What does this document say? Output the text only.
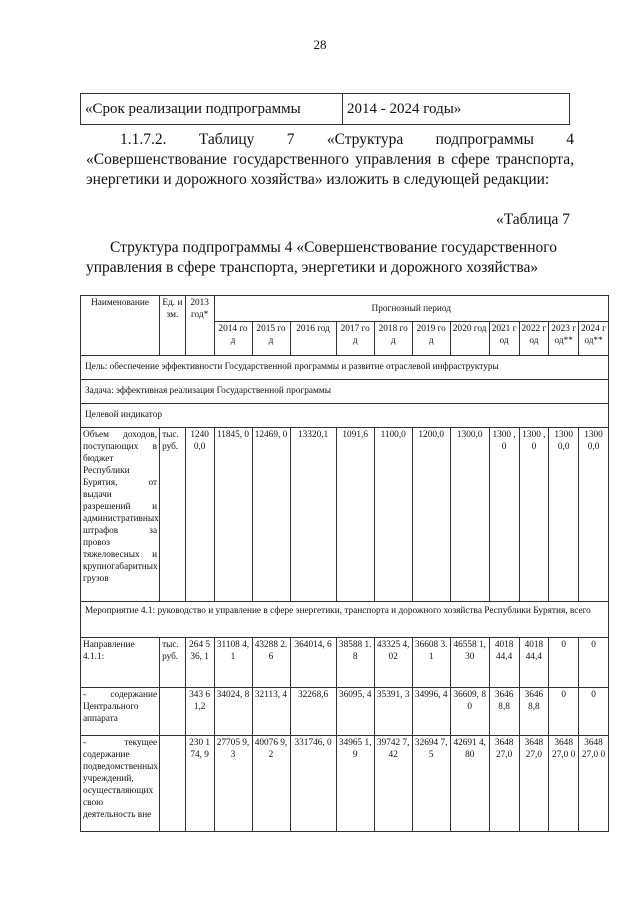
28
«Срок реализации подпрограммы	2014 - 2024 годы»
1.1.7.2. Таблицу 7 «Структура подпрограммы 4 «Совершенствование государственного управления в сфере транспорта, энергетики и дорожного хозяйства» изложить в следующей редакции:
«Таблица 7
Структура подпрограммы 4 «Совершенствование государственного управления в сфере транспорта, энергетики и дорожного хозяйства»
Наименование	Ед. изм.	2013 год*	Прогнозный период										
			2014 год	2015 год	2016 год	2017 год	2018 год	2019 год	2020 год	2021 год	2022 год	2023 год**	2024 год**
Цель: обеспечение эффективности Государственной программы и развитие отраслевой инфраструктуры													
Задача: эффективная реализация Государственной программы													
Целевой индикатор													
Объем доходов, поступающих в бюджет Республики Бурятия, от выдачи разрешений и административных штрафов за провоз тяжеловесных и крупногабаритных грузов	тыс. руб.	1240 0,0	11845, 0	12469, 0	13320,1	1091,6	1100,0	1200,0	1300,0	1300 ,0	1300 ,0	1300 0,0	1300 0,0
Мероприятие 4.1: руководство и управление в сфере энергетики, транспорта и дорожного хозяйства Республики Бурятия, всего													
Направление 4.1.1:	тыс. руб.	264 536, 1	31108 4,1	43288 2.6	364014, 6	38588 1.8	43325 4,02	36608 3.1	46558 1,30	4018 44,4	4018 44,4	0	0
- содержание Центрального аппарата		343 61,2	34024, 8	32113, 4	32268,6	36095, 4	35391, 3	34996, 4	36609, 80	3646 8,8	3646 8,8	0	0
- текущее содержание подведомственных учреждений, осуществляющих свою деятельность вне		230 174, 9	27705 9,3	40076 9,2	331746, 0	34965 1,9	39742 7,42	32694 7,5	42691 4,80	3648 27,0	3648 27,0	3648 27,0 0	3648 27,0 0
